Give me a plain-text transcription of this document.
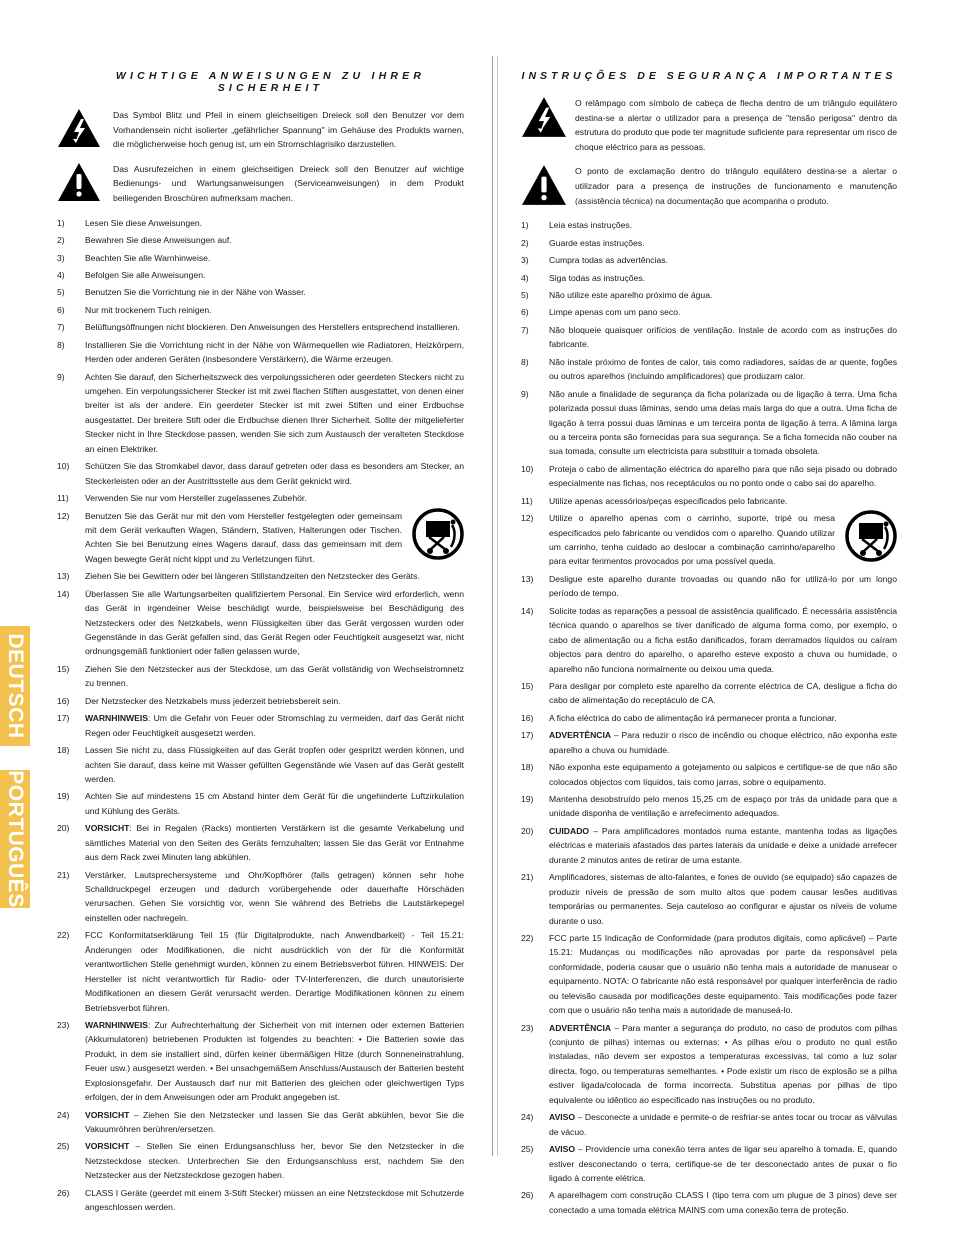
DEUTSCH
PORTUGUÊS
WICHTIGE ANWEISUNGEN ZU IHRER SICHERHEIT
Das Symbol Blitz und Pfeil in einem gleichseitigen Dreieck soll den Benutzer vor dem Vorhandensein nicht isolierter „gefährlicher Spannung" im Gehäuse des Produkts warnen, die möglicherweise hoch genug ist, um ein Stromschlagrisiko darzustellen.
Das Ausrufezeichen in einem gleichseitigen Dreieck soll den Benutzer auf wichtige Bedienungs- und Wartungsanweisungen (Serviceanweisungen) in dem Produkt beiliegenden Broschüren aufmerksam machen.
1)	Lesen Sie diese Anweisungen.
2)	Bewahren Sie diese Anweisungen auf.
3)	Beachten Sie alle Warnhinweise.
4)	Befolgen Sie alle Anweisungen.
5)	Benutzen Sie die Vorrichtung nie in der Nähe von Wasser.
6)	Nur mit trockenem Tuch reinigen.
7)	Belüftungsöffnungen nicht blockieren. Den Anweisungen des Herstellers entsprechend installieren.
8)	Installieren Sie die Vorrichtung nicht in der Nähe von Wärmequellen wie Radiatoren, Heizkörpern, Herden oder anderen Geräten (insbesondere Verstärkern), die Wärme erzeugen.
9)	Achten Sie darauf, den Sicherheitszweck des verpolungssicheren oder geerdeten Steckers nicht zu umgehen. Ein verpolungssicherer Stecker ist mit zwei flachen Stiften ausgestattet, von denen einer breiter ist als der andere. Ein geerdeter Stecker ist mit zwei Stiften und einer Erdbuchse ausgestattet. Der breitere Stift oder die Erdbuchse dienen Ihrer Sicherheit. Sollte der mitgelieferter Stecker nicht in Ihre Steckdose passen, wenden Sie sich zum Austausch der veralteten Steckdose an einen Elektriker.
10)	Schützen Sie das Stromkabel davor, dass darauf getreten oder dass es besonders am Stecker, an Steckerleisten oder an der Austrittsstelle aus dem Gerät geknickt wird.
11)	Verwenden Sie nur vom Hersteller zugelassenes Zubehör.
12)	Benutzen Sie das Gerät nur mit den vom Hersteller festgelegten oder gemeinsam mit dem Gerät verkauften Wagen, Ständern, Stativen, Halterungen oder Tischen. Achten Sie bei Benutzung eines Wagens darauf, dass das gemeinsam mit dem Wagen bewegte Gerät nicht kippt und zu Verletzungen führt.
13)	Ziehen Sie bei Gewittern oder bei längeren Stillstandzeiten den Netzstecker des Geräts.
14)	Überlassen Sie alle Wartungsarbeiten qualifiziertem Personal. Ein Service wird erforderlich, wenn das Gerät in irgendeiner Weise beschädigt wurde, beispielsweise bei Beschädigung des Netzsteckers oder des Netzkabels, wenn Flüssigkeiten über das Gerät vergossen wurden oder Gegenstände in das Gerät gefallen sind, das Gerät Regen oder Feuchtigkeit ausgesetzt war, nicht ordnungsgemäß funktioniert oder fallen gelassen wurde,
15)	Ziehen Sie den Netzstecker aus der Steckdose, um das Gerät vollständig von Wechselstromnetz zu trennen.
16)	Der Netzstecker des Netzkabels muss jederzeit betriebsbereit sein.
17)	WARNHINWEIS: Um die Gefahr von Feuer oder Stromschlag zu vermeiden, darf das Gerät nicht Regen oder Feuchtigkeit ausgesetzt werden.
18)	Lassen Sie nicht zu, dass Flüssigkeiten auf das Gerät tropfen oder gespritzt werden können, und achten Sie darauf, dass keine mit Wasser gefüllten Gegenstände wie Vasen auf das Gerät gestellt werden.
19)	Achten Sie auf mindestens 15 cm Abstand hinter dem Gerät für die ungehinderte Luftzirkulation und Kühlung des Geräts.
20)	VORSICHT: Bei in Regalen (Racks) montierten Verstärkern ist die gesamte Verkabelung und sämtliches Material von den Seiten des Geräts fernzuhalten; lassen Sie das Gerät vor Entnahme aus dem Rack zwei Minuten lang abkühlen.
21)	Verstärker, Lautsprechersysteme und Ohr/Kopfhörer (falls getragen) können sehr hohe Schalldruckpegel erzeugen und dadurch vorübergehende oder dauerhafte Hörschäden verursachen. Gehen Sie vorsichtig vor, wenn Sie während des Betriebs die Lautstärkepegel einstellen oder nachregeln.
22)	FCC Konformitatserklärung Teil 15 (für Digitalprodukte, nach Anwendbarkeit) - Teil 15.21: Änderungen oder Modifikationen, die nicht ausdrücklich von der für die Konformität verantwortlichen Stelle genehmigt wurden, können zu einem Betriebsverbot führen. HINWEIS: Der Hersteller ist nicht verantwortlich für Radio- oder TV-Interferenzen, die durch unautorisierte Modifikationen an diesem Gerät verursacht werden. Derartige Modifikationen können zu einem Betriebsverbot führen.
23)	WARNHINWEIS: Zur Aufrechterhaltung der Sicherheit von mit internen oder externen Batterien (Akkumulatoren) betriebenen Produkten ist folgendes zu beachten: • Die Batterien sowie das Produkt, in dem sie installiert sind, dürfen keiner übermäßigen Hitze (durch Sonneneinstrahlung, Feuer usw.) ausgesetzt werden. • Bei unsachgemäßem Anschluss/Austausch der Batterien besteht Explosionsgefahr. Der Austausch darf nur mit Batterien des gleichen oder gleichwertigen Typs erfolgen, der in dem Anweisungen oder am Produkt angegeben ist.
24)	VORSICHT – Ziehen Sie den Netzstecker und lassen Sie das Gerät abkühlen, bevor Sie die Vakuumröhren berühren/ersetzen.
25)	VORSICHT – Stellen Sie einen Erdungsanschluss her, bevor Sie den Netzstecker in die Netzsteckdose stecken. Unterbrechen Sie den Erdungsanschluss erst, nachdem Sie den Netzstecker aus der Netzsteckdose gezogen haben.
26)	CLASS I Geräte (geerdet mit einem 3-Stift Stecker) müssen an eine Netzsteckdose mit Schutzerde angeschlossen werden.
INSTRUÇÕES DE SEGURANÇA IMPORTANTES
O relâmpago com símbolo de cabeça de flecha dentro de um triângulo equilátero destina-se a alertar o utilizador para a presença de "tensão perigosa" dentro da estrutura do produto que pode ter magnitude suficiente para representar um risco de choque eléctrico para as pessoas.
O ponto de exclamação dentro do triângulo equilátero destina-se a alertar o utilizador para a presença de instruções de funcionamento e manutenção (assistência técnica) na documentação que acompanha o produto.
1)	Leia estas instruções.
2)	Guarde estas instruções.
3)	Cumpra todas as advertências.
4)	Siga todas as instruções.
5)	Não utilize este aparelho próximo de água.
6)	Limpe apenas com um pano seco.
7)	Não bloqueie quaisquer orifícios de ventilação. Instale de acordo com as instruções do fabricante.
8)	Não instale próximo de fontes de calor, tais como radiadores, saídas de ar quente, fogões ou outros aparelhos (incluindo amplificadores) que produzam calor.
9)	Não anule a finalidade de segurança da ficha polarizada ou de ligação à terra. Uma ficha polarizada possui duas lâminas, sendo uma delas mais larga do que a outra. Uma ficha de ligação à terra possui duas lâminas e um terceira ponta de ligação à terra. A lâmina larga ou a terceira ponta são fornecidas para sua segurança. Se a ficha fornecida não couber na sua tomada, consulte um electricista para substituir a tomada obsoleta.
10)	Proteja o cabo de alimentação eléctrica do aparelho para que não seja pisado ou dobrado especialmente nas fichas, nos receptáculos ou no ponto onde o cabo sai do aparelho.
11)	Utilize apenas acessórios/peças especificados pelo fabricante.
12)	Utilize o aparelho apenas com o carrinho, suporte, tripé ou mesa especificados pelo fabricante ou vendidos com o aparelho. Quando utilizar um carrinho, tenha cuidado ao deslocar a combinação carrinho/aparelho para evitar ferimentos provocados por uma possível queda.
13)	Desligue este aparelho durante trovoadas ou quando não for utilizá-lo por um longo período de tempo.
14)	Solicite todas as reparações a pessoal de assistência qualificado. É necessária assistência técnica quando o aparelhos se tiver danificado de alguma forma como, por exemplo, o cabo de alimentação ou a ficha estão danificados, foram derramados líquidos ou caíram objectos para dentro do aparelho, o aparelho esteve exposto a chuva ou humidade, o aparelho não funciona normalmente ou deixou uma queda.
15)	Para desligar por completo este aparelho da corrente eléctrica de CA, desligue a ficha do cabo de alimentação do receptáculo de CA.
16)	A ficha eléctrica do cabo de alimentação irá permanecer pronta a funcionar.
17)	ADVERTÊNCIA – Para reduzir o risco de incêndio ou choque eléctrico, não exponha este aparelho a chuva ou humidade.
18)	Não exponha este equipamento a gotejamento ou salpicos e certifique-se de que não são colocados objectos com líquidos, tais como jarras, sobre o equipamento.
19)	Mantenha desobstruído pelo menos 15,25 cm de espaço por trás da unidade para que a unidade disponha de ventilação e arrefecimento adequados.
20)	CUIDADO – Para amplificadores montados numa estante, mantenha todas as ligações eléctricas e materiais afastados das partes laterais da unidade e deixe a unidade arrefecer durante 2 minutos antes de retirar de uma estante.
21)	Amplificadores, sistemas de alto-falantes, e fones de ouvido (se equipado) são capazes de produzir níveis de pressão de som muito altos que podem causar lesões auditivas temporárias ou permanentes. Seja cauteloso ao configurar e ajustar os níveis de volume durante o uso.
22)	FCC parte 15 Indicação de Conformidade (para produtos digitais, como aplicável) – Parte 15.21: Mudanças ou modificações não aprovadas por parte da responsável pela conformidade, poderia causar que o usuário não tenha mais a autoridade de manusear o equipamento. NOTA: O fabricante não está responsável por qualquer interferência de radio ou televisão causada por modificações deste equipamento. Tais modificações pode fazer com que o usuário não tenha mais a autoridade de manuseá-lo.
23)	ADVERTÊNCIA – Para manter a segurança do produto, no caso de produtos com pilhas (conjunto de pilhas) internas ou externas: • As pilhas e/ou o produto no qual estão instaladas, não devem ser expostos a temperaturas excessivas, tal como a luz solar directa, fogo, ou temperaturas semelhantes. • Pode existir um risco de explosão se a pilha estiver ligada/colocada de forma incorrecta. Substitua apenas por pilhas de tipo equivalente ou idêntico ao especificado nas instruções ou no produto.
24)	AVISO – Desconecte a unidade e permite-o de resfriar-se antes tocar ou trocar as válvulas de vácuo.
25)	AVISO – Providencie uma conexão terra antes de ligar seu aparelho à tomada. E, quando estiver desconectando o terra, certifique-se de ter desconectado antes de puxar o fio ligado à corrente elétrica.
26)	A aparelhagem com construção CLASS I (tipo terra com um plugue de 3 pinos) deve ser conectado a uma tomada elétrica MAINS com uma conexão terra de proteção.
